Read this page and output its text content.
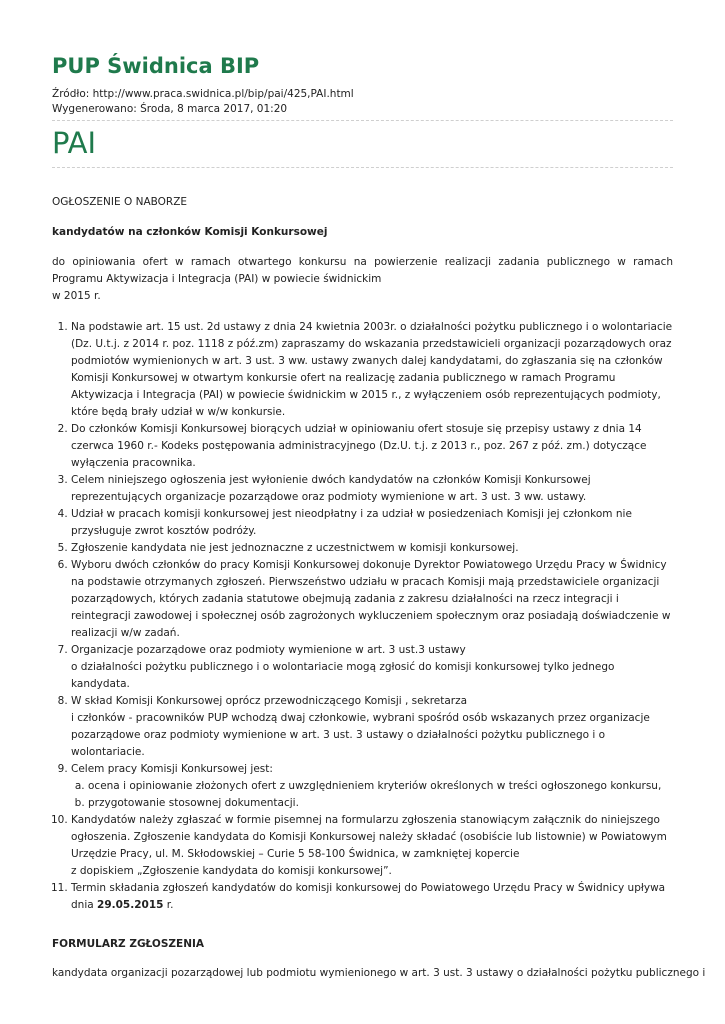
PUP Świdnica BIP
Źródło: http://www.praca.swidnica.pl/bip/pai/425,PAI.html
Wygenerowano: Środa, 8 marca 2017, 01:20
PAI

OGŁOSZENIE O NABORZE

kandydatów na członków Komisji Konkursowej

do opiniowania ofert w ramach otwartego konkursu na powierzenie realizacji zadania publicznego w ramach Programu Aktywizacja i Integracja (PAI) w powiecie świdnickim
w 2015 r.

1. Na podstawie art. 15 ust. 2d ustawy z dnia 24 kwietnia 2003r. o działalności pożytku publicznego i o wolontariacie (Dz. U.t.j. z 2014 r. poz. 1118 z póź.zm) zapraszamy do wskazania przedstawicieli organizacji pozarządowych oraz podmiotów wymienionych w art. 3 ust. 3 ww. ustawy zwanych dalej kandydatami, do zgłaszania się na członków Komisji Konkursowej w otwartym konkursie ofert na realizację zadania publicznego w ramach Programu Aktywizacja i Integracja (PAI) w powiecie świdnickim w 2015 r., z wyłączeniem osób reprezentujących podmioty, które będą brały udział w w/w konkursie.
2. Do członków Komisji Konkursowej biorących udział w opiniowaniu ofert stosuje się przepisy ustawy z dnia 14 czerwca 1960 r.- Kodeks postępowania administracyjnego (Dz.U. t.j. z 2013 r., poz. 267 z póź. zm.) dotyczące wyłączenia pracownika.
3. Celem niniejszego ogłoszenia jest wyłonienie dwóch kandydatów na członków Komisji Konkursowej reprezentujących organizacje pozarządowe oraz podmioty wymienione w art. 3 ust. 3 ww. ustawy.
4. Udział w pracach komisji konkursowej jest nieodpłatny i za udział w posiedzeniach Komisji jej członkom nie przysługuje zwrot kosztów podróży.
5. Zgłoszenie kandydata nie jest jednoznaczne z uczestnictwem w komisji konkursowej.
6. Wyboru dwóch członków do pracy Komisji Konkursowej dokonuje Dyrektor Powiatowego Urzędu Pracy w Świdnicy na podstawie otrzymanych zgłoszeń. Pierwszeństwo udziału w pracach Komisji mają przedstawiciele organizacji pozarządowych, których zadania statutowe obejmują zadania z zakresu działalności na rzecz integracji i reintegracji zawodowej i społecznej osób zagrożonych wykluczeniem społecznym oraz posiadają doświadczenie w realizacji w/w zadań.
7. Organizacje pozarządowe oraz podmioty wymienione w art. 3 ust.3 ustawy
o działalności pożytku publicznego i o wolontariacie mogą zgłosić do komisji konkursowej tylko jednego kandydata.
8. W skład Komisji Konkursowej oprócz przewodniczącego Komisji , sekretarza
i członków - pracowników PUP wchodzą dwaj członkowie, wybrani spośród osób wskazanych przez organizacje pozarządowe oraz podmioty wymienione w art. 3 ust. 3 ustawy o działalności pożytku publicznego i o wolontariacie.
9. Celem pracy Komisji Konkursowej jest:
a. ocena i opiniowanie złożonych ofert z uwzględnieniem kryteriów określonych w treści ogłoszonego konkursu,
b. przygotowanie stosownej dokumentacji.
10. Kandydatów należy zgłaszać w formie pisemnej na formularzu zgłoszenia stanowiącym załącznik do niniejszego ogłoszenia. Zgłoszenie kandydata do Komisji Konkursowej należy składać (osobiście lub listownie) w Powiatowym Urzędzie Pracy, ul. M. Skłodowskiej – Curie 5 58-100 Świdnica, w zamkniętej kopercie
z dopiskiem „Zgłoszenie kandydata do komisji konkursowej”.
11. Termin składania zgłoszeń kandydatów do komisji konkursowej do Powiatowego Urzędu Pracy w Świdnicy upływa dnia 29.05.2015 r.

FORMULARZ ZGŁOSZENIA

kandydata organizacji pozarządowej lub podmiotu wymienionego w art. 3 ust. 3 ustawy o działalności pożytku publicznego i
